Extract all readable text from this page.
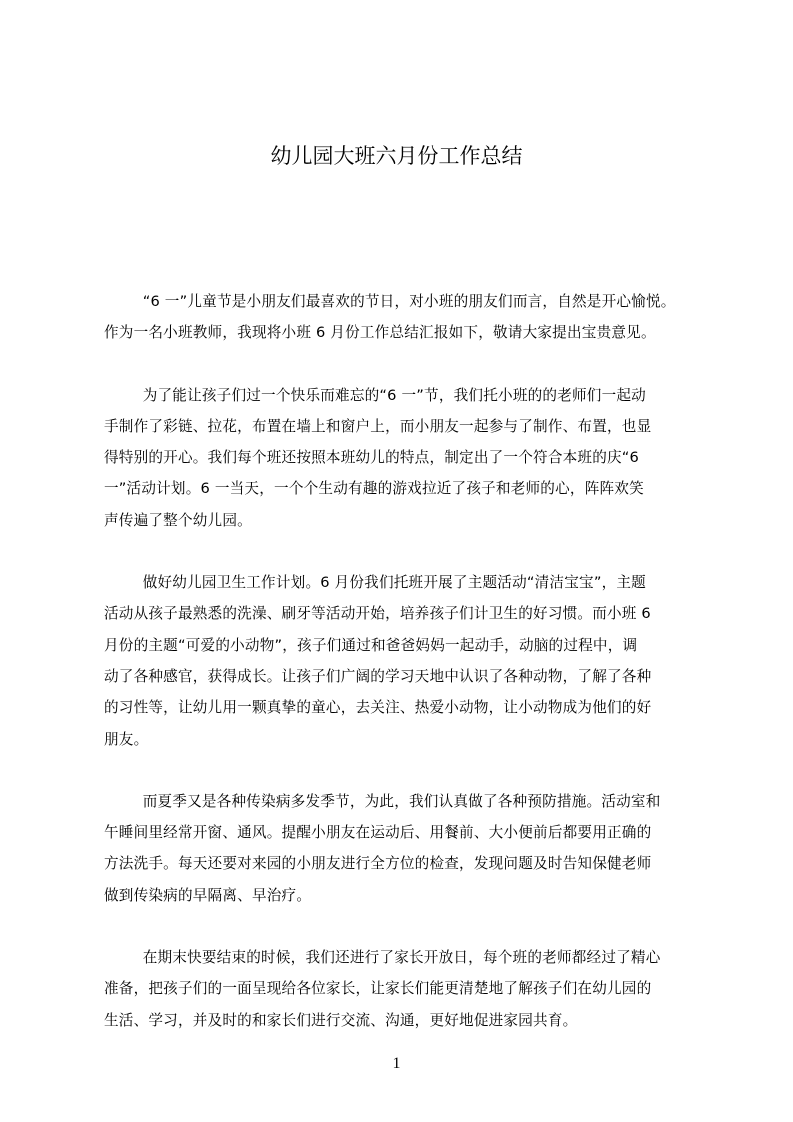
幼儿园大班六月份工作总结

“6 一”儿童节是小朋友们最喜欢的节日，对小班的朋友们而言，自然是开心愉悦。
作为一名小班教师，我现将小班 6 月份工作总结汇报如下，敬请大家提出宝贵意见。

为了能让孩子们过一个快乐而难忘的“6 一”节，我们托小班的的老师们一起动
手制作了彩链、拉花，布置在墙上和窗户上，而小朋友一起参与了制作、布置，也显
得特别的开心。我们每个班还按照本班幼儿的特点，制定出了一个符合本班的庆“6
一”活动计划。6 一当天，一个个生动有趣的游戏拉近了孩子和老师的心，阵阵欢笑
声传遍了整个幼儿园。

做好幼儿园卫生工作计划。6 月份我们托班开展了主题活动“清洁宝宝”，主题
活动从孩子最熟悉的洗澡、刷牙等活动开始，培养孩子们计卫生的好习惯。而小班 6
月份的主题“可爱的小动物”，孩子们通过和爸爸妈妈一起动手，动脑的过程中，调
动了各种感官，获得成长。让孩子们广阔的学习天地中认识了各种动物，了解了各种
的习性等，让幼儿用一颗真挚的童心，去关注、热爱小动物，让小动物成为他们的好
朋友。

而夏季又是各种传染病多发季节，为此，我们认真做了各种预防措施。活动室和
午睡间里经常开窗、通风。提醒小朋友在运动后、用餐前、大小便前后都要用正确的
方法洗手。每天还要对来园的小朋友进行全方位的检查，发现问题及时告知保健老师
做到传染病的早隔离、早治疗。

在期末快要结束的时候，我们还进行了家长开放日，每个班的老师都经过了精心
准备，把孩子们的一面呈现给各位家长，让家长们能更清楚地了解孩子们在幼儿园的
生活、学习，并及时的和家长们进行交流、沟通，更好地促进家园共育。

1
